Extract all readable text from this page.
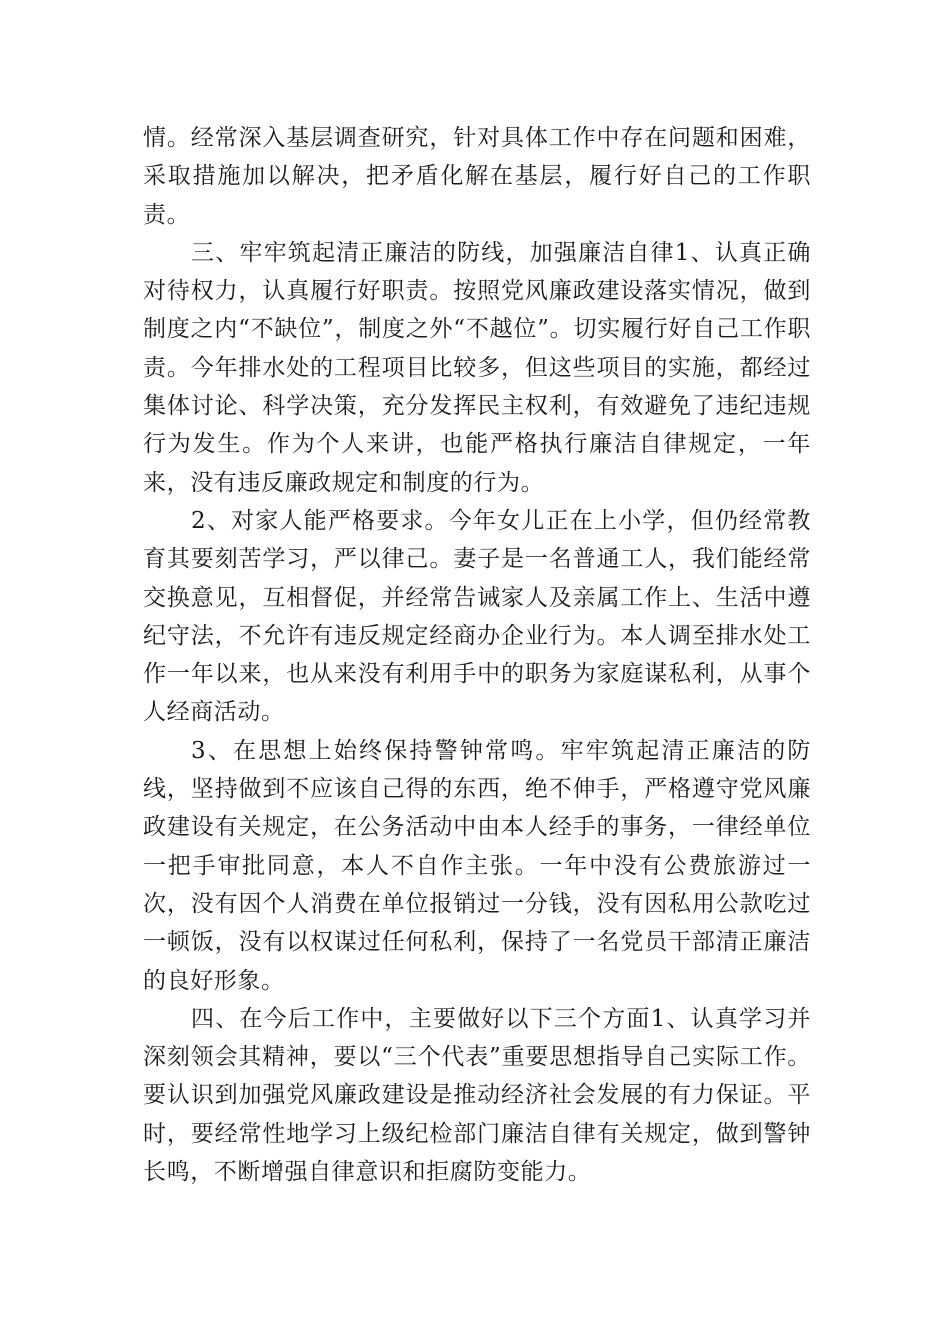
情。经常深入基层调查研究，针对具体工作中存在问题和困难，采取措施加以解决，把矛盾化解在基层，履行好自己的工作职责。

三、牢牢筑起清正廉洁的防线，加强廉洁自律1、认真正确对待权力，认真履行好职责。按照党风廉政建设落实情况，做到制度之内“不缺位”，制度之外“不越位”。切实履行好自己工作职责。今年排水处的工程项目比较多，但这些项目的实施，都经过集体讨论、科学决策，充分发挥民主权利，有效避免了违纪违规行为发生。作为个人来讲，也能严格执行廉洁自律规定，一年来，没有违反廉政规定和制度的行为。

2、对家人能严格要求。今年女儿正在上小学，但仍经常教育其要刻苦学习，严以律己。妻子是一名普通工人，我们能经常交换意见，互相督促，并经常告诫家人及亲属工作上、生活中遵纪守法，不允许有违反规定经商办企业行为。本人调至排水处工作一年以来，也从来没有利用手中的职务为家庭谋私利，从事个人经商活动。

3、在思想上始终保持警钟常鸣。牢牢筑起清正廉洁的防线，坚持做到不应该自己得的东西，绝不伸手，严格遵守党风廉政建设有关规定，在公务活动中由本人经手的事务，一律经单位一把手审批同意，本人不自作主张。一年中没有公费旅游过一次，没有因个人消费在单位报销过一分钱，没有因私用公款吃过一顿饭，没有以权谋过任何私利，保持了一名党员干部清正廉洁的良好形象。

四、在今后工作中，主要做好以下三个方面1、认真学习并深刻领会其精神，要以“三个代表”重要思想指导自己实际工作。要认识到加强党风廉政建设是推动经济社会发展的有力保证。平时，要经常性地学习上级纪检部门廉洁自律有关规定，做到警钟长鸣，不断增强自律意识和拒腐防变能力。
